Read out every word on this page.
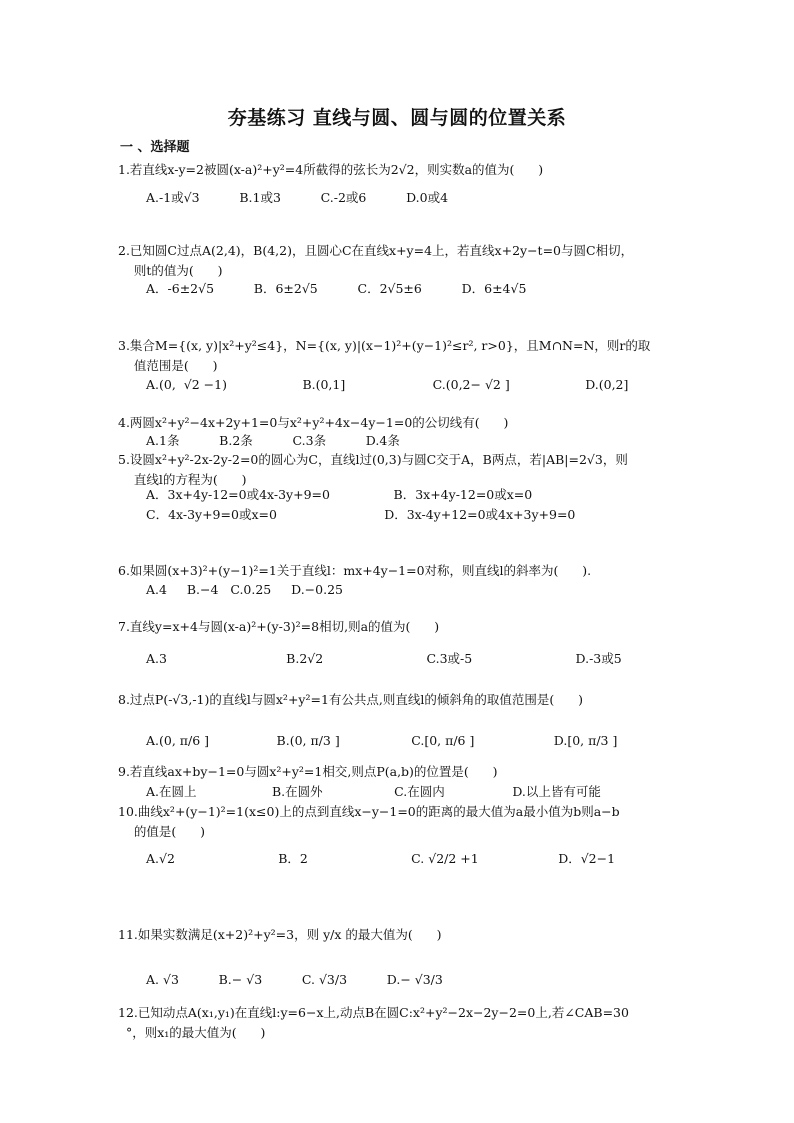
夯基练习 直线与圆、圆与圆的位置关系
一 、选择题
1.若直线x-y=2被圆(x-a)²+y²=4所截得的弦长为2√2，则实数a的值为(      )
A.-1或√3          B.1或3          C.-2或6          D.0或4
2.已知圆C过点A(2,4)，B(4,2)，且圆心C在直线x+y=4上，若直线x+2y−t=0与圆C相切，
则t的值为(      )
A．-6±2√5          B．6±2√5          C．2√5±6          D．6±4√5
3.集合M={(x, y)|x²+y²≤4}，N={(x, y)|(x−1)²+(y−1)²≤r², r>0}，且M∩N=N，则r的取
值范围是(      )
A.(0,  √2 −1)                   B.(0,1]                      C.(0,2− √2 ]                   D.(0,2]
4.两圆x²+y²−4x+2y+1=0与x²+y²+4x−4y−1=0的公切线有(      )
A.1条          B.2条          C.3条          D.4条
5.设圆x²+y²-2x-2y-2=0的圆心为C，直线l过(0,3)与圆C交于A，B两点，若|AB|=2√3，则
直线l的方程为(      )
A．3x+4y-12=0或4x-3y+9=0                B．3x+4y-12=0或x=0
C．4x-3y+9=0或x=0                           D．3x-4y+12=0或4x+3y+9=0
6.如果圆(x+3)²+(y−1)²=1关于直线l：mx+4y−1=0对称，则直线l的斜率为(      ).
A.4     B.−4   C.0.25     D.−0.25
7.直线y=x+4与圆(x-a)²+(y-3)²=8相切,则a的值为(      )
A.3                              B.2√2                          C.3或-5                          D.-3或5
8.过点P(-√3,-1)的直线l与圆x²+y²=1有公共点,则直线l的倾斜角的取值范围是(      )
A.(0, π/6 ]                 B.(0, π/3 ]                  C.[0, π/6 ]                    D.[0, π/3 ]
9.若直线ax+by−1=0与圆x²+y²=1相交,则点P(a,b)的位置是(      )
A.在圆上                   B.在圆外                  C.在圆内                 D.以上皆有可能
10.曲线x²+(y−1)²=1(x≤0)上的点到直线x−y−1=0的距离的最大值为a最小值为b则a−b
的值是(      )
A.√2                          B．2                          C. √2/2 +1                    D．√2−1
11.如果实数满足(x+2)²+y²=3，则 y/x 的最大值为(      )
A. √3          B.− √3          C. √3/3          D.− √3/3
12.已知动点A(x₁,y₁)在直线l:y=6−x上,动点B在圆C:x²+y²−2x−2y−2=0上,若∠CAB=30
°，则x₁的最大值为(      )
